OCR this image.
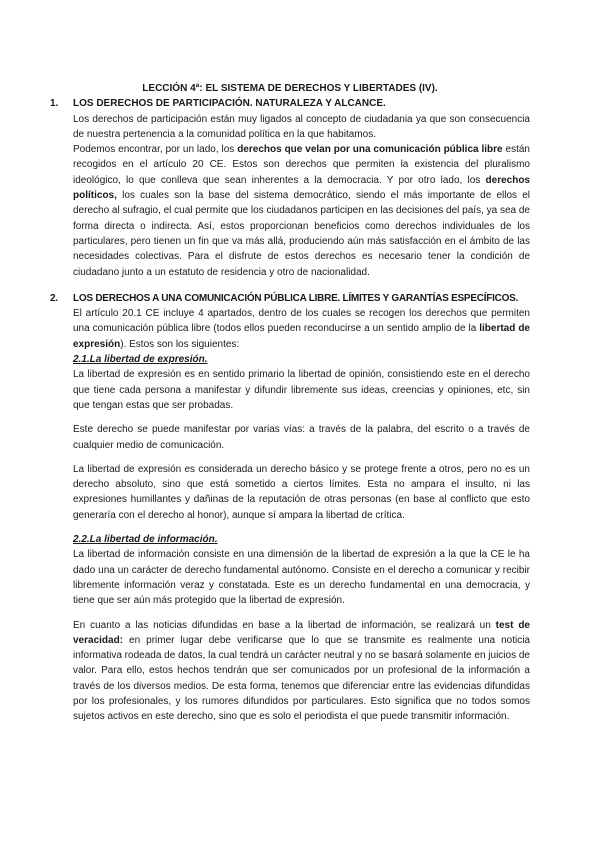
LECCIÓN 4ª: EL SISTEMA DE DERECHOS Y LIBERTADES (IV).
1. LOS DERECHOS DE PARTICIPACIÓN. NATURALEZA Y ALCANCE.

Los derechos de participación están muy ligados al concepto de ciudadania ya que son consecuencia de nuestra pertenencia a la comunidad política en la que habitamos.

Podemos encontrar, por un lado, los derechos que velan por una comunicación pública libre están recogidos en el artículo 20 CE. Estos son derechos que permiten la existencia del pluralismo ideológico, lo que conlleva que sean inherentes a la democracia. Y por otro lado, los derechos políticos, los cuales son la base del sistema democrático, siendo el más importante de ellos el derecho al sufragio, el cual permite que los ciudadanos participen en las decisiones del país, ya sea de forma directa o indirecta. Así, estos proporcionan beneficios como derechos individuales de los particulares, pero tienen un fin que va más allá, produciendo aún más satisfacción en el ámbito de las necesidades colectivas. Para el disfrute de estos derechos es necesario tener la condición de ciudadano junto a un estatuto de residencia y otro de nacionalidad.

2. LOS DERECHOS A UNA COMUNICACIÓN PÚBLICA LIBRE. LÍMITES Y GARANTÍAS ESPECÍFICOS.

El artículo 20.1 CE incluye 4 apartados, dentro de los cuales se recogen los derechos que permiten una comunicación pública libre (todos ellos pueden reconducirse a un sentido amplio de la libertad de expresión). Estos son los siguientes:

2.1.La libertad de expresión.

La libertad de expresión es en sentido primario la libertad de opinión, consistiendo este en el derecho que tiene cada persona a manifestar y difundir libremente sus ideas, creencias y opiniones, etc, sin que tengan estas que ser probadas.

Este derecho se puede manifestar por varias vías: a través de la palabra, del escrito o a través de cualquier medio de comunicación.

La libertad de expresión es considerada un derecho básico y se protege frente a otros, pero no es un derecho absoluto, sino que está sometido a ciertos límites. Esta no ampara el insulto, ni las expresiones humillantes y dañinas de la reputación de otras personas (en base al conflicto que esto generaría con el derecho al honor), aunque sí ampara la libertad de crítica.

2.2.La libertad de información.

La libertad de información consiste en una dimensión de la libertad de expresión a la que la CE le ha dado una un carácter de derecho fundamental autónomo. Consiste en el derecho a comunicar y recibir libremente información veraz y constatada. Este es un derecho fundamental en una democracia, y tiene que ser aún más protegido que la libertad de expresión.

En cuanto a las noticias difundidas en base a la libertad de información, se realizará un test de veracidad: en primer lugar debe verificarse que lo que se transmite es realmente una noticia informativa rodeada de datos, la cual tendrá un carácter neutral y no se basará solamente en juicios de valor. Para ello, estos hechos tendrán que ser comunicados por un profesional de la información a través de los diversos medios. De esta forma, tenemos que diferenciar entre las evidencias difundidas por los profesionales, y los rumores difundidos por particulares. Esto significa que no todos somos sujetos activos en este derecho, sino que es solo el periodista el que puede transmitir información.
